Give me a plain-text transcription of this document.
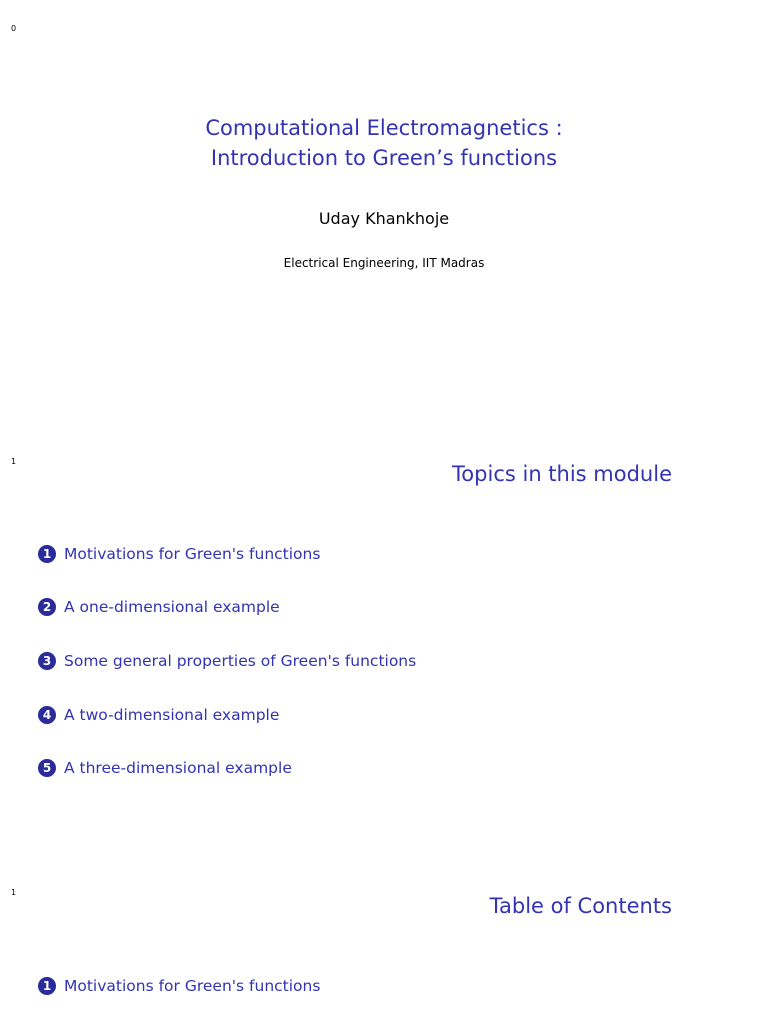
0
Computational Electromagnetics :
Introduction to Green’s functions
Uday Khankhoje
Electrical Engineering, IIT Madras
1
Topics in this module
1 Motivations for Green's functions
2 A one-dimensional example
3 Some general properties of Green's functions
4 A two-dimensional example
5 A three-dimensional example
1
Table of Contents
1 Motivations for Green's functions
